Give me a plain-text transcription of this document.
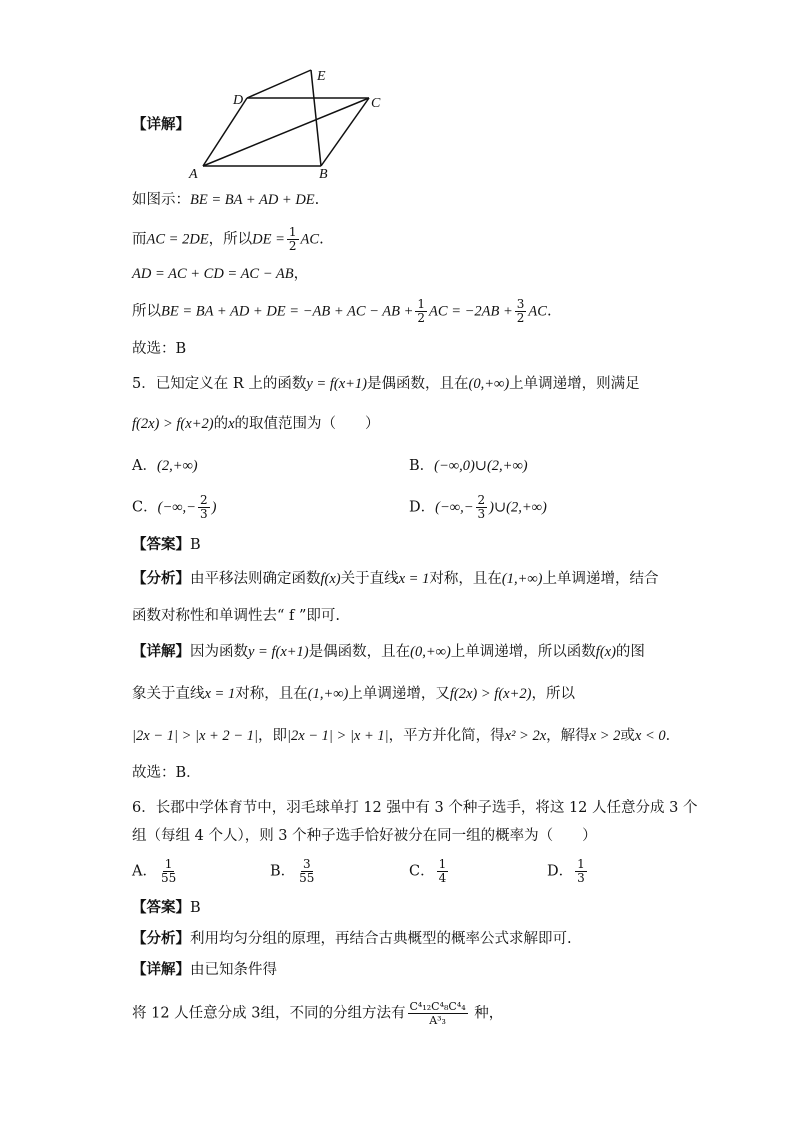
A	B
C
D
E
【详解】
如图示：BE = BA + AD + DE.
而AC = 2DE，所以DE = $\frac{1}{2}$ AC.
AD = AC + CD = AC − AB，
所以BE = BA + AD + DE = −AB + AC − AB + $\frac{1}{2}$ AC = $-2AB + \frac{3}{2}$ AC.
故选：B
5．已知定义在 R 上的函数y = f(x+1)是偶函数，且在(0,+∞)上单调递增，则满足
f(2x) > f(x+2)的x的取值范围为（　　）
A．(2,+∞)	B．(−∞,0)∪(2,+∞)
C．(−∞,− $\frac{2}{3}$ )	D．(−∞,− $\frac{2}{3}$ )∪(2,+∞)
【答案】B
【分析】由平移法则确定函数f(x)关于直线x = 1对称，且在(1,+∞)上单调递增，结合
函数对称性和单调性去“ f ”即可.
【详解】因为函数y = f(x+1)是偶函数，且在(0,+∞)上单调递增，所以函数f(x)的图
象关于直线x = 1对称，且在(1,+∞)上单调递增，又f(2x) > f(x+2)，所以
|2x − 1| > |x + 2 − 1|，即|2x − 1| > |x + 1|，平方并化简，得x² > 2x，解得x > 2或x < 0．
故选：B．
6．长郡中学体育节中，羽毛球单打 12 强中有 3 个种子选手，将这 12 人任意分成 3 个
组（每组 4 个人），则 3 个种子选手恰好被分在同一组的概率为（　　）
A． $\frac{1}{55}$	B． $\frac{3}{55}$	C． $\frac{1}{4}$	D． $\frac{1}{3}$
【答案】B
【分析】利用均匀分组的原理，再结合古典概型的概率公式求解即可.
【详解】由已知条件得
将 12 人任意分成 3组，不同的分组方法有 $\frac{\text{C⁴₁₂C⁴₈C⁴₄}}{\text{A³₃}}$ 种，
